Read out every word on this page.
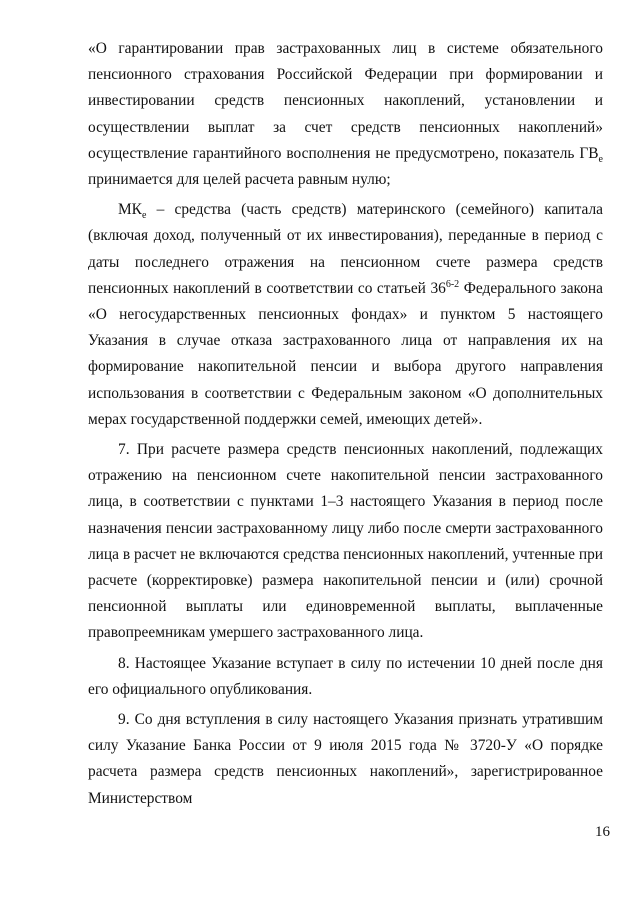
«О гарантировании прав застрахованных лиц в системе обязательного пенсионного страхования Российской Федерации при формировании и инвестировании средств пенсионных накоплений, установлении и осуществлении выплат за счет средств пенсионных накоплений» осуществление гарантийного восполнения не предусмотрено, показатель $ГВ_e$ принимается для целей расчета равным нулю;

$МК_e$ – средства (часть средств) материнского (семейного) капитала (включая доход, полученный от их инвестирования), переданные в период с даты последнего отражения на пенсионном счете размера средств пенсионных накоплений в соответствии со статьей 36$^{6-2}$ Федерального закона «О негосударственных пенсионных фондах» и пунктом 5 настоящего Указания в случае отказа застрахованного лица от направления их на формирование накопительной пенсии и выбора другого направления использования в соответствии с Федеральным законом «О дополнительных мерах государственной поддержки семей, имеющих детей».

7. При расчете размера средств пенсионных накоплений, подлежащих отражению на пенсионном счете накопительной пенсии застрахованного лица, в соответствии с пунктами 1–3 настоящего Указания в период после назначения пенсии застрахованному лицу либо после смерти застрахованного лица в расчет не включаются средства пенсионных накоплений, учтенные при расчете (корректировке) размера накопительной пенсии и (или) срочной пенсионной выплаты или единовременной выплаты, выплаченные правопреемникам умершего застрахованного лица.

8. Настоящее Указание вступает в силу по истечении 10 дней после дня его официального опубликования.

9. Со дня вступления в силу настоящего Указания признать утратившим силу Указание Банка России от 9 июля 2015 года № 3720-У «О порядке расчета размера средств пенсионных накоплений», зарегистрированное Министерством

16
